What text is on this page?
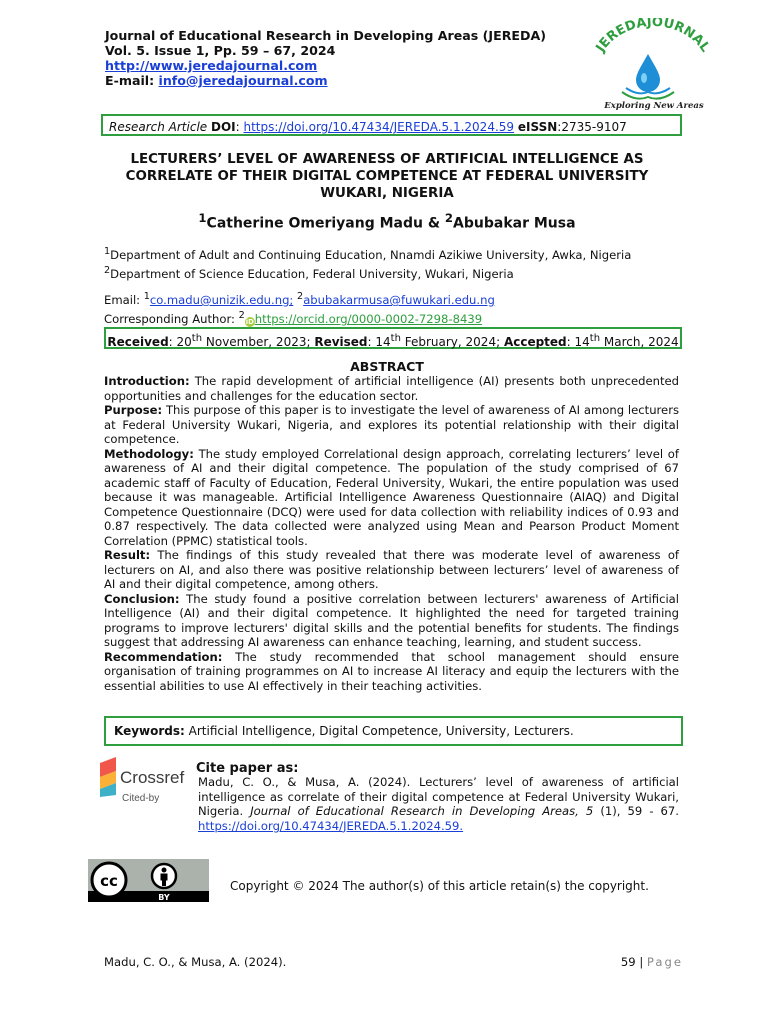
Journal of Educational Research in Developing Areas (JEREDA)
Vol. 5. Issue 1, Pp. 59 – 67, 2024
http://www.jeredajournal.com
E-mail: info@jeredajournal.com
JEREDAJOURNAL
Exploring New Areas
Research Article DOI: https://doi.org/10.47434/JEREDA.5.1.2024.59 eISSN:2735-9107
LECTURERS’ LEVEL OF AWARENESS OF ARTIFICIAL INTELLIGENCE AS CORRELATE OF THEIR DIGITAL COMPETENCE AT FEDERAL UNIVERSITY WUKARI, NIGERIA
$^1$Catherine Omeriyang Madu & $^2$Abubakar Musa
$^1$Department of Adult and Continuing Education, Nnamdi Azikiwe University, Awka, Nigeria
$^2$Department of Science Education, Federal University, Wukari, Nigeria
Email: $^1$co.madu@unizik.edu.ng; $^2$abubakarmusa@fuwukari.edu.ng
Corresponding Author: $^2$iDhttps://orcid.org/0000-0002-7298-8439
Received: 20th November, 2023; Revised: 14th February, 2024; Accepted: 14th March, 2024
ABSTRACT

Introduction: The rapid development of artificial intelligence (AI) presents both unprecedented opportunities and challenges for the education sector.

Purpose: This purpose of this paper is to investigate the level of awareness of AI among lecturers at Federal University Wukari, Nigeria, and explores its potential relationship with their digital competence.

Methodology: The study employed Correlational design approach, correlating lecturers’ level of awareness of AI and their digital competence. The population of the study comprised of 67 academic staff of Faculty of Education, Federal University, Wukari, the entire population was used because it was manageable. Artificial Intelligence Awareness Questionnaire (AIAQ) and Digital Competence Questionnaire (DCQ) were used for data collection with reliability indices of 0.93 and 0.87 respectively. The data collected were analyzed using Mean and Pearson Product Moment Correlation (PPMC) statistical tools.

Result: The findings of this study revealed that there was moderate level of awareness of lecturers on AI, and also there was positive relationship between lecturers’ level of awareness of AI and their digital competence, among others.

Conclusion: The study found a positive correlation between lecturers' awareness of Artificial Intelligence (AI) and their digital competence. It highlighted the need for targeted training programs to improve lecturers' digital skills and the potential benefits for students. The findings suggest that addressing AI awareness can enhance teaching, learning, and student success.

Recommendation: The study recommended that school management should ensure organisation of training programmes on AI to increase AI literacy and equip the lecturers with the essential abilities to use AI effectively in their teaching activities.

Keywords: Artificial Intelligence, Digital Competence, University, Lecturers.
Crossref
Cited-by
Cite paper as:
Madu, C. O., & Musa, A. (2024). Lecturers’ level of awareness of artificial intelligence as correlate of their digital competence at Federal University Wukari, Nigeria. Journal of Educational Research in Developing Areas, 5 (1), 59 - 67. https://doi.org/10.47434/JEREDA.5.1.2024.59.
cc
BY
Copyright © 2024 The author(s) of this article retain(s) the copyright.
Madu, C. O., & Musa, A. (2024).	59 | Page
